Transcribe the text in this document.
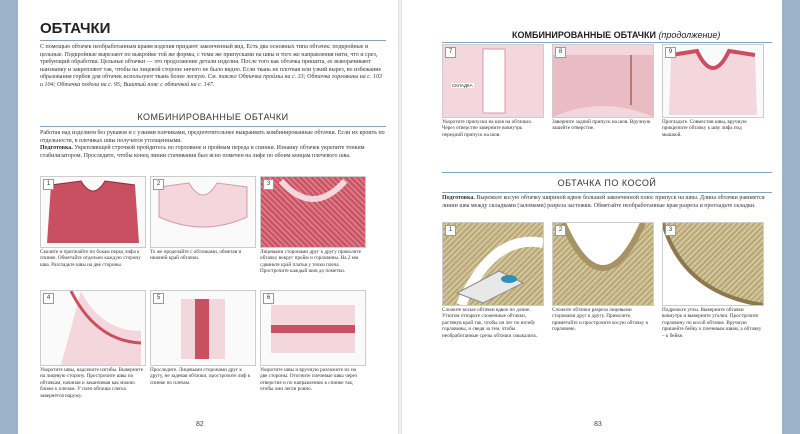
ОБТАЧКИ
С помощью обтачек необработанным краям изделия придают законченный вид. Есть два основных типа обтачек: подкройные и цельные. Подкройные вырезают по выкройке той же формы, с теми же припусками на швы и того же направления нити, что и срез, требующий обработки. Цельные обтачки — это продолжение детали изделия. После того как обтачка пришита, ее выворачивают наизнанку и закрепляют так, чтобы на лицевой стороне ничего не было видно. Если ткань не плотная или узкий вырез, во избежание образования горбов для обтачек используют ткань более легкую. См. также Обтачка проймы на с. 33; Обтачка горловины на с. 103 и 104; Обтачка подола на с. 95; Вшитый пояс с обтачкой на с. 147.
КОМБИНИРОВАННЫЕ ОБТАЧКИ
Работая над изделием без рукавов и с узкими плечиками, предпочтительнее выкраивать комбинированные обтачки. Если их кроить по отдельности, в плечиках швы получатся утолщенными.
Подготовка. Укрепляющей строчкой пройдитесь по горловине и проймам переда и спинки. Изнанку обтачек укрепите тонким стабилизатором. Проследите, чтобы конец линии стачивания был ясно помечен на лифе по обоим концам плечевого шва.
1	2	3
Сколите и притачайте по бокам перед лифа к спинке. Обметайте отдельно каждую сторону шва. Разгладьте швы на две стороны.
То же проделайте с обтачками, обметав и нижний край обтачки.
Лицевыми сторонами друг к другу приколите обтачку вокруг пройм и горловины. На 2 мм сдвиньте край платья у точки плеча. Прострочите каждый шов до пометки.
4	5	6
Укоротите швы, надсеките изгибы. Выверните на лицевую сторону. Прострочите швы по обтачкам, начиная и заканчивая как можно ближе к плечам. У плеч обтачка слегка завернется наружу.
Проследите. Лицевыми сторонами друг к другу, не задевая обтачки, прострочите лиф к спинке по плечам.
Укоротите швы и вручную разложите их на две стороны. Отогните плечевые швы через отверстие и по направлению к спинке так, чтобы они легли ровно.
82
КОМБИНИРОВАННЫЕ ОБТАЧКИ (продолжение)
7
СКЛАДКА
8	9
Укоротите припуски на шов на обтачках. Через отверстие заверните вовнутрь передний припуск на шов.
Заверните задний припуск на шов. Вручную зашейте отверстие.
Прогладьте. Совместив швы, вручную прикрепите обтачку к шву лифа под мышкой.
ОБТАЧКА ПО КОСОЙ
Подготовка. Вырежьте косую обтачку шириной вдвое большей законченной плюс припуск на швы. Длина обтачки равняется линии шва между складками (заломами) разреза застежки. Обметайте необработанные края разреза и прогладьте складки.
1	2	3
Сложите косые обтачки вдвое по длине. Утюгом отпарьте сложенные обтачки, растянув край так, чтобы он лег по изгибу горловины, и сведя за тем, чтобы необработанные срезы обтачки смыкались.
Сложите обтачки разреза лицевыми сторонами друг к другу. Приколите, приметайте и прострочите косую обтачку к горловине.
Подрежьте углы. Выверните обтачки вовнутрь и выверните уголки. Прострочите горловину по косой обтачке. Вручную пришейте бейку к плечевым швам, а обтачку – к бейке.
83
